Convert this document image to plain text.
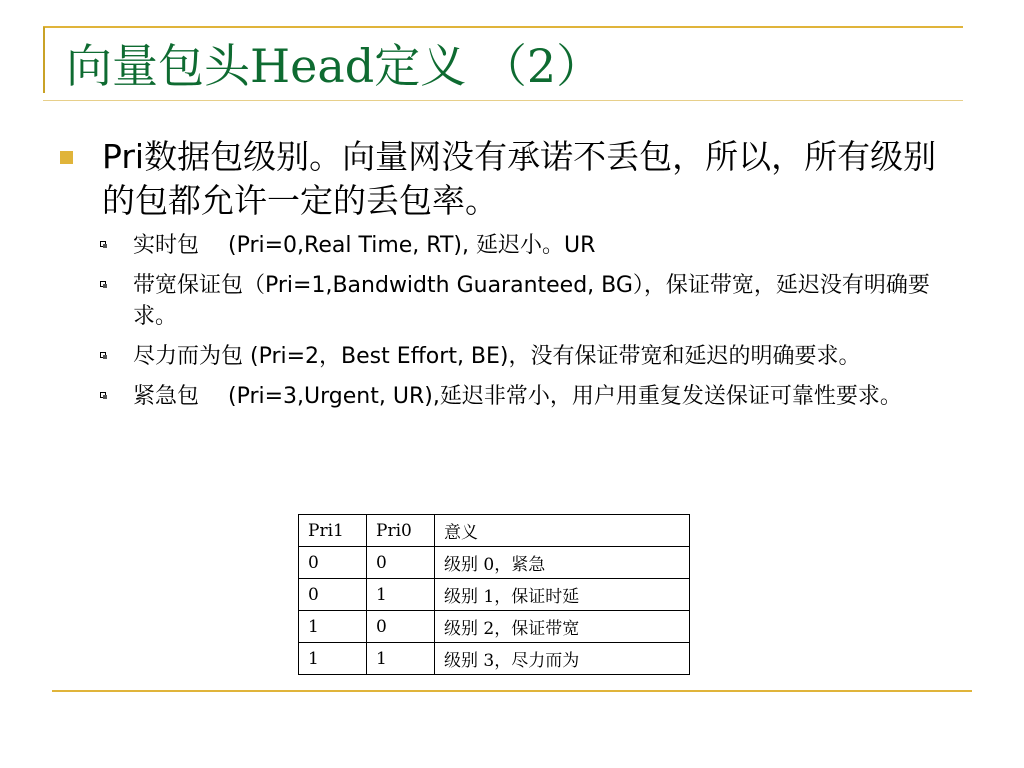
向量包头Head定义 （2）
Pri数据包级别。向量网没有承诺不丢包，所以，所有级别的包都允许一定的丢包率。
实时包　 (Pri=0,Real Time, RT), 延迟小。UR
带宽保证包（Pri=1,Bandwidth Guaranteed, BG），保证带宽，延迟没有明确要求。
尽力而为包 (Pri=2，Best Effort, BE)，没有保证带宽和延迟的明确要求。
紧急包　 (Pri=3,Urgent, UR),延迟非常小，用户用重复发送保证可靠性要求。
Pri1	Pri0	意义
0	0	级别 0，紧急
0	1	级别 1，保证时延
1	0	级别 2，保证带宽
1	1	级别 3，尽力而为
